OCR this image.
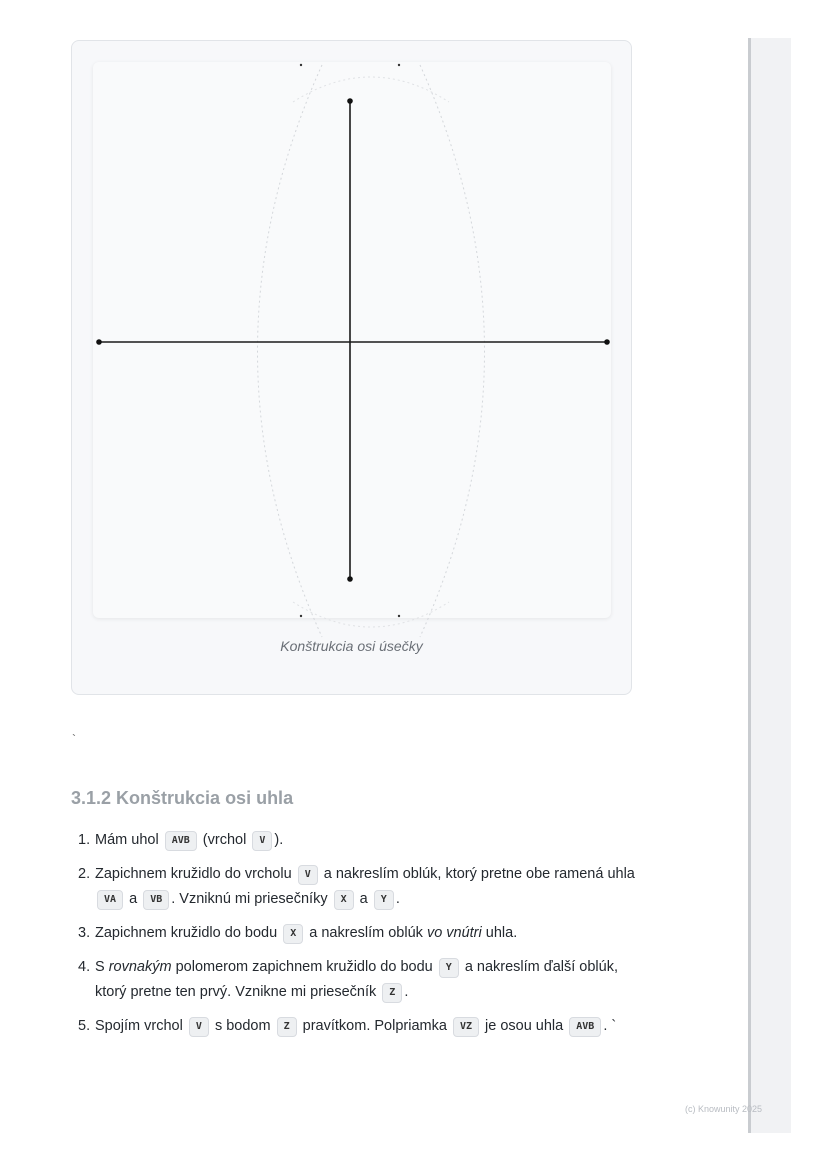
Konštrukcia osi úsečky
`
3.1.2 Konštrukcia osi uhla
1. Mám uhol AVB (vrchol V ).
2. Zapichnem kružidlo do vrcholu V a nakreslím oblúk, ktorý pretne obe ramená uhla VA a VB . Vzniknú mi priesečníky X a Y .
3. Zapichnem kružidlo do bodu X a nakreslím oblúk vo vnútri uhla.
4. S rovnakým polomerom zapichnem kružidlo do bodu Y a nakreslím ďalší oblúk, ktorý pretne ten prvý. Vznikne mi priesečník Z .
5. Spojím vrchol V s bodom Z pravítkom. Polpriamka VZ je osou uhla AVB . `
(c) Knowunity 2025
